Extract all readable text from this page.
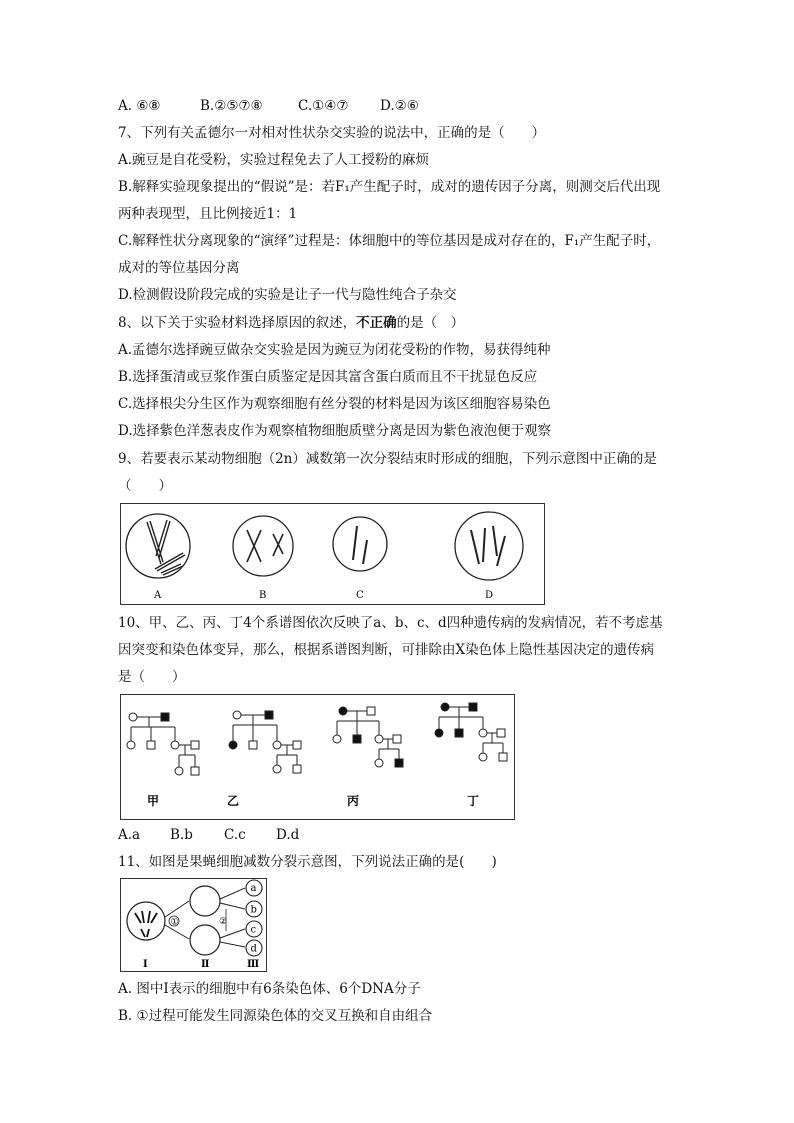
A. ⑥⑧	B.②⑤⑦⑧	C.①④⑦ D.②⑥
7、下列有关孟德尔一对相对性状杂交实验的说法中，正确的是（　　）
A.豌豆是自花受粉，实验过程免去了人工授粉的麻烦
B.解释实验现象提出的“假说”是：若F₁产生配子时，成对的遗传因子分离，则测交后代出现
两种表现型，且比例接近1：1
C.解释性状分离现象的“演绎”过程是：体细胞中的等位基因是成对存在的，F₁产生配子时，
成对的等位基因分离
D.检测假设阶段完成的实验是让子一代与隐性纯合子杂交
8、以下关于实验材料选择原因的叙述，不正确的是（　）
A.孟德尔选择豌豆做杂交实验是因为豌豆为闭花受粉的作物，易获得纯种
B.选择蛋清或豆浆作蛋白质鉴定是因其富含蛋白质而且不干扰显色反应
C.选择根尖分生区作为观察细胞有丝分裂的材料是因为该区细胞容易染色
D.选择紫色洋葱表皮作为观察植物细胞质壁分离是因为紫色液泡便于观察
9、若要表示某动物细胞（2n）减数第一次分裂结束时形成的细胞，下列示意图中正确的是
（　　）
A	B	C	D
10、甲、乙、丙、丁4个系谱图依次反映了a、b、c、d四种遗传病的发病情况，若不考虑基
因突变和染色体变异，那么，根据系谱图判断，可排除由X染色体上隐性基因决定的遗传病
是（　　）
甲	乙	丙	丁
A.a B.b C.c D.d
11、如图是果蝇细胞减数分裂示意图，下列说法正确的是(　　)
①	②
a
b
c
d
Ⅰ	Ⅱ	Ⅲ
A. 图中Ⅰ表示的细胞中有6条染色体、6个DNA分子
B. ①过程可能发生同源染色体的交叉互换和自由组合
